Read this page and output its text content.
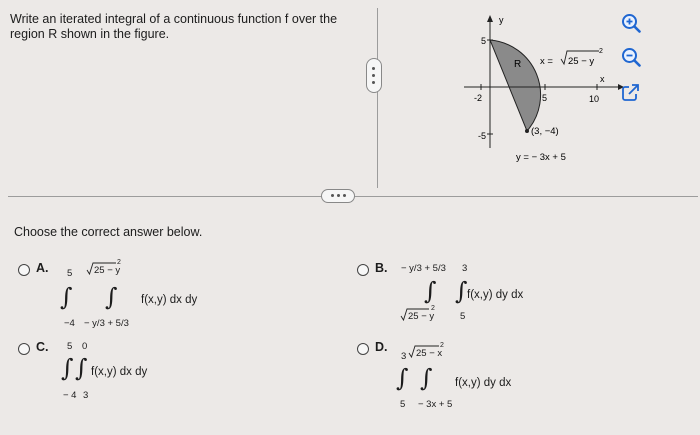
Write an iterated integral of a continuous function f over the region R shown in the figure.
y
x
5
-5
-2	5	10
R x = 25 − y
2
(3, −4)
y = − 3x + 5
Choose the correct answer below.
A. 5 25 − y
2
∫ ∫ f(x,y) dx dy
−4 − y/3 + 5/3
C. 5 0
∫ ∫ f(x,y) dx dy
− 4 3
B. − y/3 + 5/3 3
∫ ∫ f(x,y) dy dx
25 − y
2
5
D.
3 25 − x
2
∫ ∫ f(x,y) dy dx
5 − 3x + 5
